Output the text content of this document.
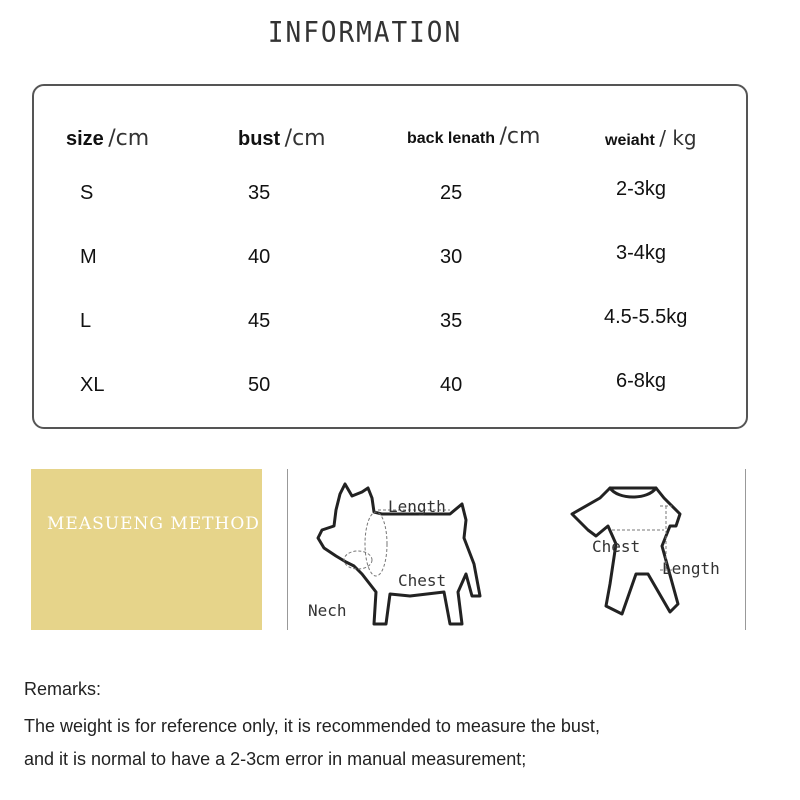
INFORMATION
size /cm	bust /cm	back lenath /cm	weiaht / kg
S	35	25	2-3kg
M	40	30	3-4kg
L	45	35	4.5-5.5kg
XL	50	40	6-8kg
MEASUENG METHOD
Length
Chest
Nech
Chest
Length
Remarks:
The weight is for reference only, it is recommended to measure the bust,
and it is normal to have a 2-3cm error in manual measurement;
